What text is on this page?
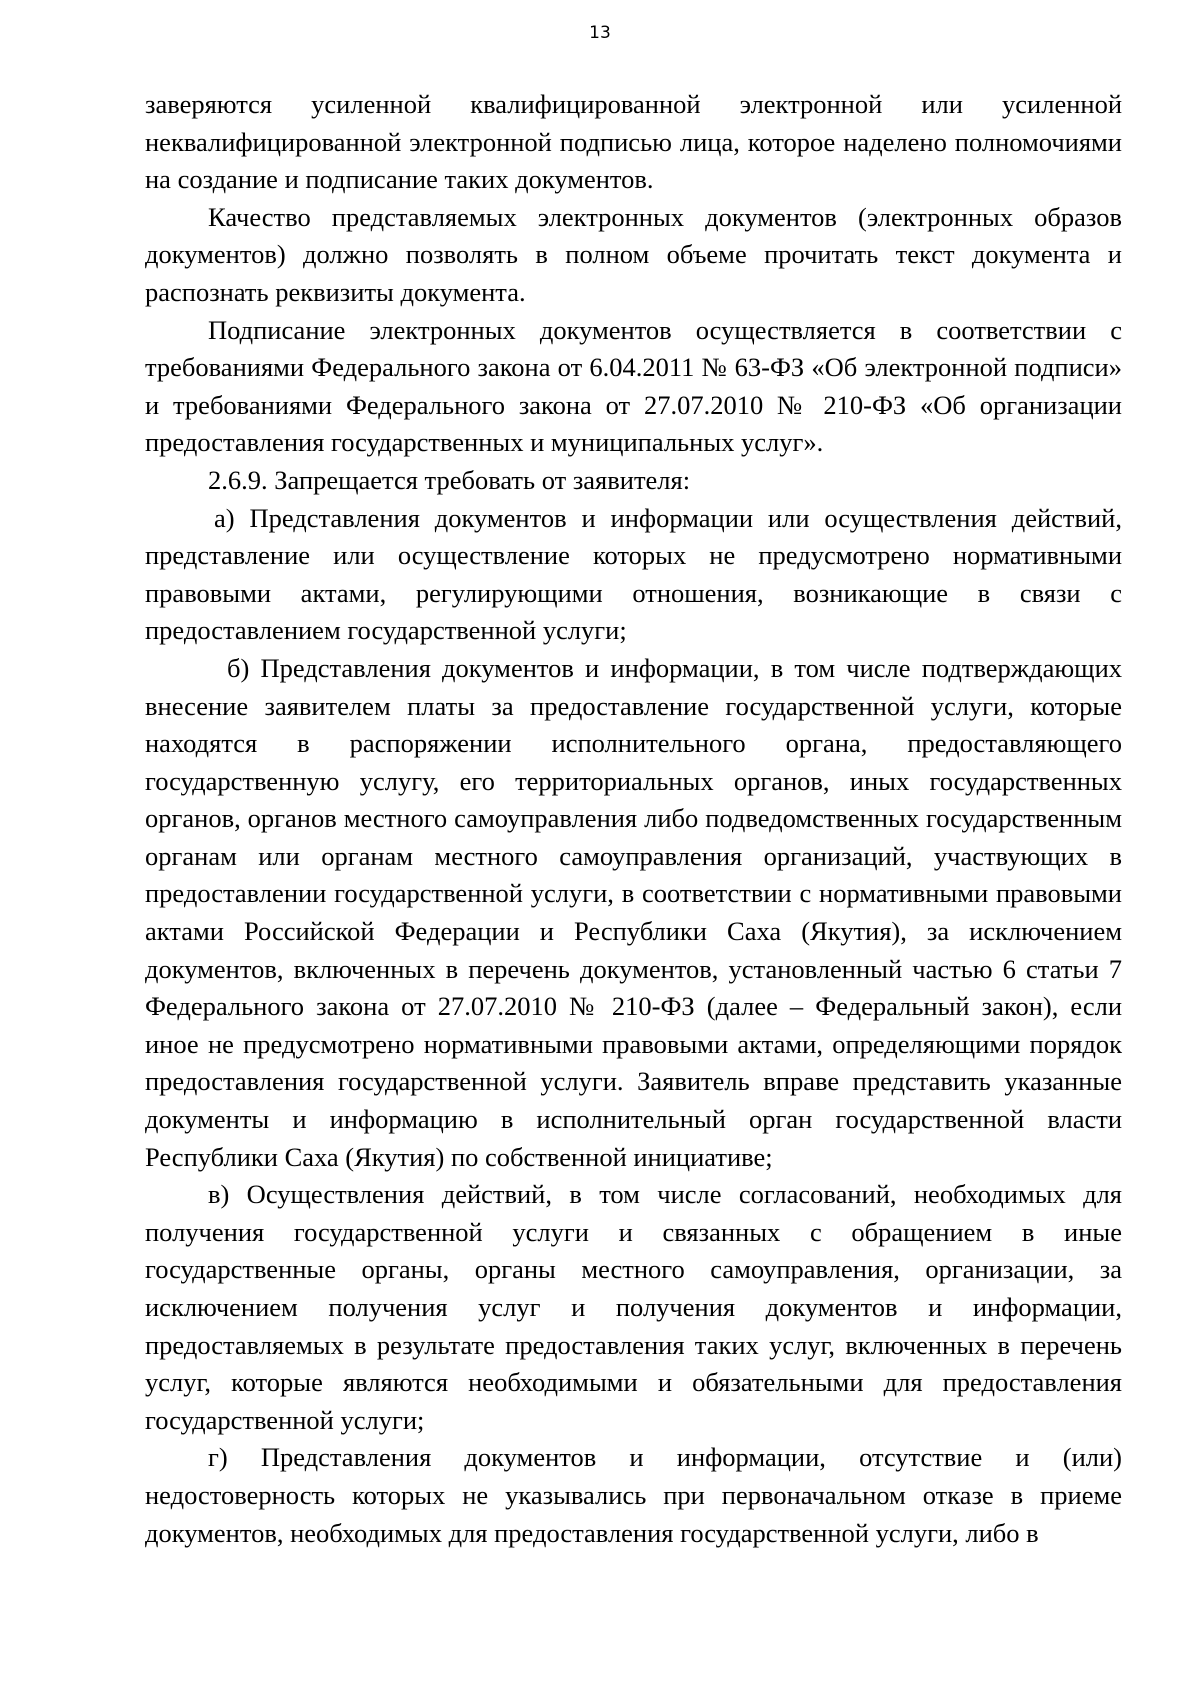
13

заверяются усиленной квалифицированной электронной или усиленной неквалифицированной электронной подписью лица, которое наделено полномочиями на создание и подписание таких документов.

Качество представляемых электронных документов (электронных образов документов) должно позволять в полном объеме прочитать текст документа и распознать реквизиты документа.

Подписание электронных документов осуществляется в соответствии с требованиями Федерального закона от 6.04.2011 № 63-ФЗ «Об электронной подписи» и требованиями Федерального закона от 27.07.2010 № 210-ФЗ «Об организации предоставления государственных и муниципальных услуг».

2.6.9. Запрещается требовать от заявителя:

а) Представления документов и информации или осуществления действий, представление или осуществление которых не предусмотрено нормативными правовыми актами, регулирующими отношения, возникающие в связи с предоставлением государственной услуги;

б) Представления документов и информации, в том числе подтверждающих внесение заявителем платы за предоставление государственной услуги, которые находятся в распоряжении исполнительного органа, предоставляющего государственную услугу, его территориальных органов, иных государственных органов, органов местного самоуправления либо подведомственных государственным органам или органам местного самоуправления организаций, участвующих в предоставлении государственной услуги, в соответствии с нормативными правовыми актами Российской Федерации и Республики Саха (Якутия), за исключением документов, включенных в перечень документов, установленный частью 6 статьи 7 Федерального закона от 27.07.2010 № 210-ФЗ (далее – Федеральный закон), если иное не предусмотрено нормативными правовыми актами, определяющими порядок предоставления государственной услуги. Заявитель вправе представить указанные документы и информацию в исполнительный орган государственной власти Республики Саха (Якутия) по собственной инициативе;

в) Осуществления действий, в том числе согласований, необходимых для получения государственной услуги и связанных с обращением в иные государственные органы, органы местного самоуправления, организации, за исключением получения услуг и получения документов и информации, предоставляемых в результате предоставления таких услуг, включенных в перечень услуг, которые являются необходимыми и обязательными для предоставления государственной услуги;

г) Представления документов и информации, отсутствие и (или) недостоверность которых не указывались при первоначальном отказе в приеме документов, необходимых для предоставления государственной услуги, либо в
